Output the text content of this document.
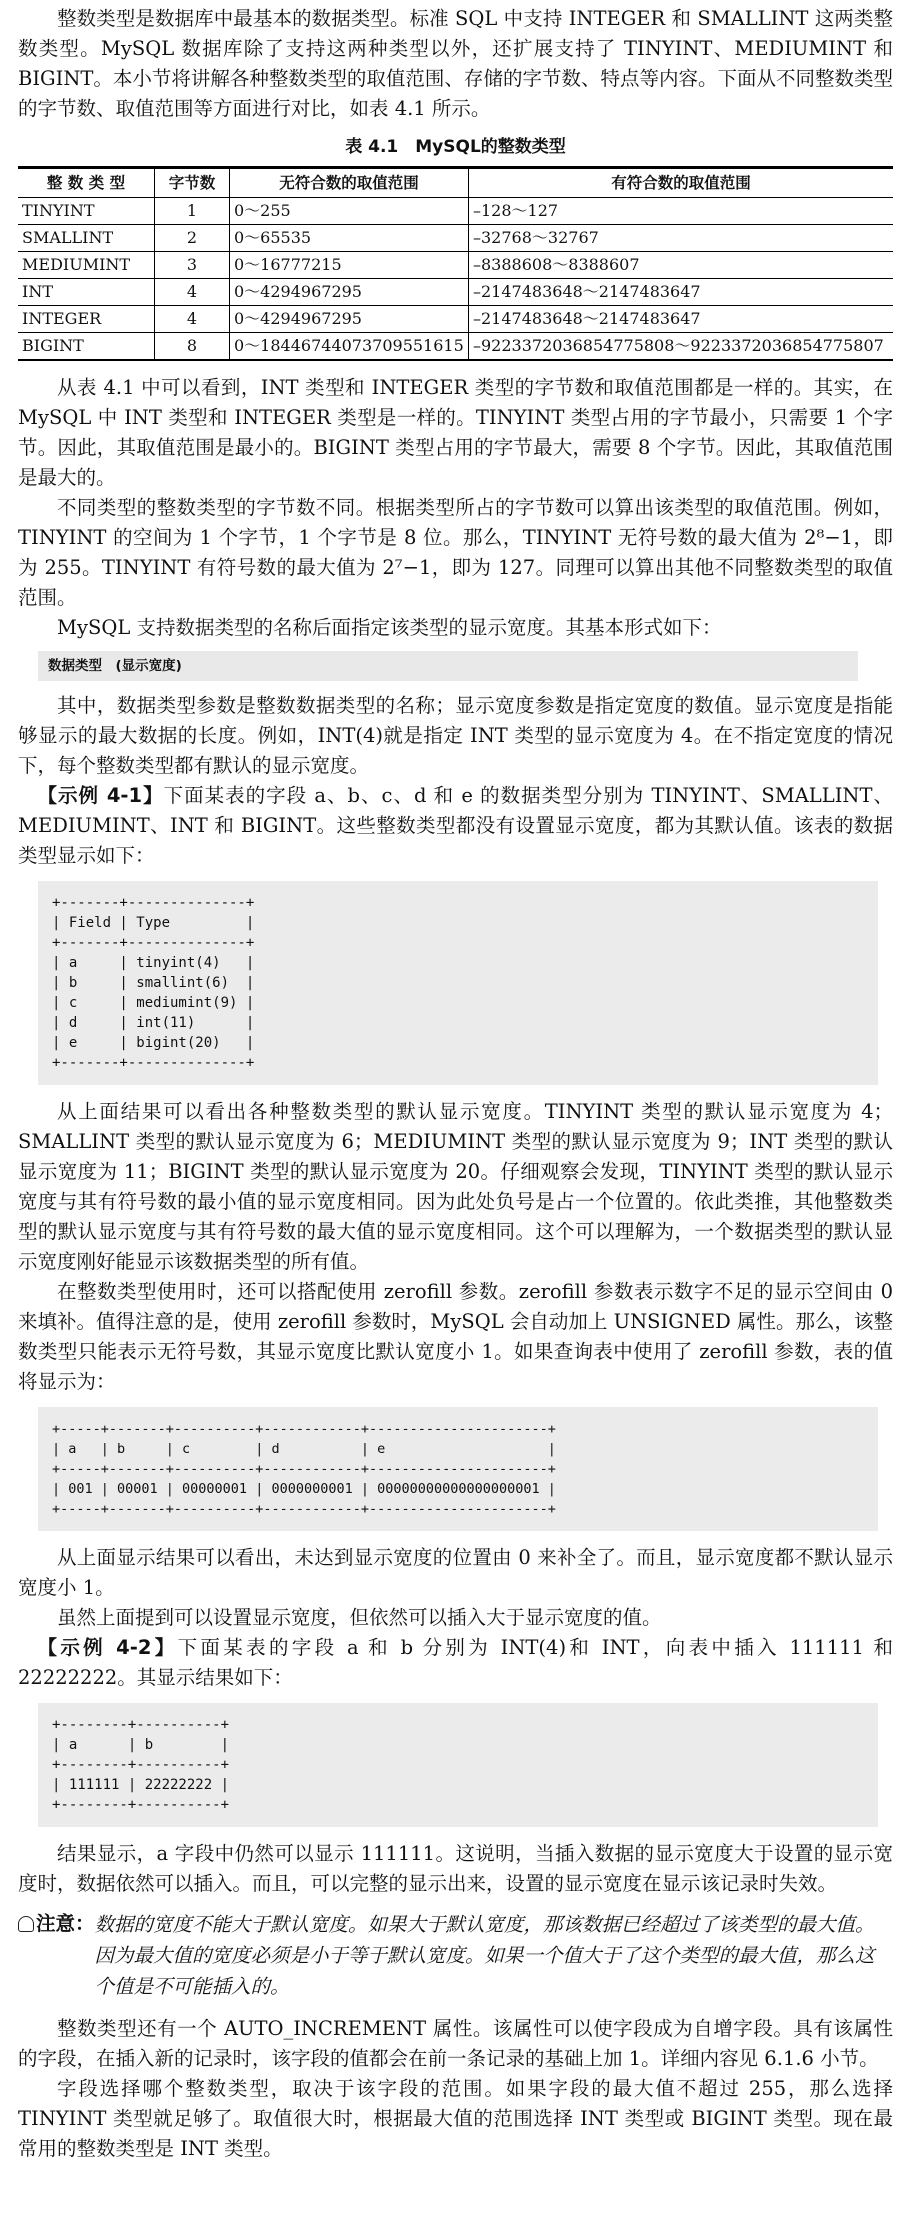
整数类型是数据库中最基本的数据类型。标准 SQL 中支持 INTEGER 和 SMALLINT 这两类整数类型。MySQL 数据库除了支持这两种类型以外，还扩展支持了 TINYINT、MEDIUMINT 和 BIGINT。本小节将讲解各种整数类型的取值范围、存储的字节数、特点等内容。下面从不同整数类型的字节数、取值范围等方面进行对比，如表 4.1 所示。

表 4.1　MySQL的整数类型
整 数 类 型	字节数	无符合数的取值范围	有符合数的取值范围
TINYINT	1	0～255	–128～127
SMALLINT	2	0～65535	–32768～32767
MEDIUMINT	3	0～16777215	–8388608～8388607
INT	4	0～4294967295	–2147483648～2147483647
INTEGER	4	0～4294967295	–2147483648～2147483647
BIGINT	8	0～18446744073709551615	–9223372036854775808～9223372036854775807

从表 4.1 中可以看到，INT 类型和 INTEGER 类型的字节数和取值范围都是一样的。其实，在 MySQL 中 INT 类型和 INTEGER 类型是一样的。TINYINT 类型占用的字节最小，只需要 1 个字节。因此，其取值范围是最小的。BIGINT 类型占用的字节最大，需要 8 个字节。因此，其取值范围是最大的。

不同类型的整数类型的字节数不同。根据类型所占的字节数可以算出该类型的取值范围。例如，TINYINT 的空间为 1 个字节，1 个字节是 8 位。那么，TINYINT 无符号数的最大值为 2⁸−1，即为 255。TINYINT 有符号数的最大值为 2⁷−1，即为 127。同理可以算出其他不同整数类型的取值范围。

MySQL 支持数据类型的名称后面指定该类型的显示宽度。其基本形式如下：

数据类型　(显示宽度)

其中，数据类型参数是整数数据类型的名称；显示宽度参数是指定宽度的数值。显示宽度是指能够显示的最大数据的长度。例如，INT(4)就是指定 INT 类型的显示宽度为 4。在不指定宽度的情况下，每个整数类型都有默认的显示宽度。

【示例 4-1】下面某表的字段 a、b、c、d 和 e 的数据类型分别为 TINYINT、SMALLINT、MEDIUMINT、INT 和 BIGINT。这些整数类型都没有设置显示宽度，都为其默认值。该表的数据类型显示如下：

+-------+--------------+
| Field | Type         |
+-------+--------------+
| a     | tinyint(4)   |
| b     | smallint(6)  |
| c     | mediumint(9) |
| d     | int(11)      |
| e     | bigint(20)   |
+-------+--------------+

从上面结果可以看出各种整数类型的默认显示宽度。TINYINT 类型的默认显示宽度为 4；SMALLINT 类型的默认显示宽度为 6；MEDIUMINT 类型的默认显示宽度为 9；INT 类型的默认显示宽度为 11；BIGINT 类型的默认显示宽度为 20。仔细观察会发现，TINYINT 类型的默认显示宽度与其有符号数的最小值的显示宽度相同。因为此处负号是占一个位置的。依此类推，其他整数类型的默认显示宽度与其有符号数的最大值的显示宽度相同。这个可以理解为，一个数据类型的默认显示宽度刚好能显示该数据类型的所有值。

在整数类型使用时，还可以搭配使用 zerofill 参数。zerofill 参数表示数字不足的显示空间由 0 来填补。值得注意的是，使用 zerofill 参数时，MySQL 会自动加上 UNSIGNED 属性。那么，该整数类型只能表示无符号数，其显示宽度比默认宽度小 1。如果查询表中使用了 zerofill 参数，表的值将显示为：

+-----+-------+----------+------------+----------------------+
| a   | b     | c        | d          | e                    |
+-----+-------+----------+------------+----------------------+
| 001 | 00001 | 00000001 | 0000000001 | 00000000000000000001 |
+-----+-------+----------+------------+----------------------+

从上面显示结果可以看出，未达到显示宽度的位置由 0 来补全了。而且，显示宽度都不默认显示宽度小 1。

虽然上面提到可以设置显示宽度，但依然可以插入大于显示宽度的值。

【示例 4-2】下面某表的字段 a 和 b 分别为 INT(4)和 INT，向表中插入 111111 和 22222222。其显示结果如下：

+--------+----------+
| a      | b        |
+--------+----------+
| 111111 | 22222222 |
+--------+----------+

结果显示，a 字段中仍然可以显示 111111。这说明，当插入数据的显示宽度大于设置的显示宽度时，数据依然可以插入。而且，可以完整的显示出来，设置的显示宽度在显示该记录时失效。

注意： 数据的宽度不能大于默认宽度。如果大于默认宽度，那该数据已经超过了该类型的最大值。因为最大值的宽度必须是小于等于默认宽度。如果一个值大于了这个类型的最大值，那么这个值是不可能插入的。

整数类型还有一个 AUTO_INCREMENT 属性。该属性可以使字段成为自增字段。具有该属性的字段，在插入新的记录时，该字段的值都会在前一条记录的基础上加 1。详细内容见 6.1.6 小节。

字段选择哪个整数类型，取决于该字段的范围。如果字段的最大值不超过 255，那么选择 TINYINT 类型就足够了。取值很大时，根据最大值的范围选择 INT 类型或 BIGINT 类型。现在最常用的整数类型是 INT 类型。
